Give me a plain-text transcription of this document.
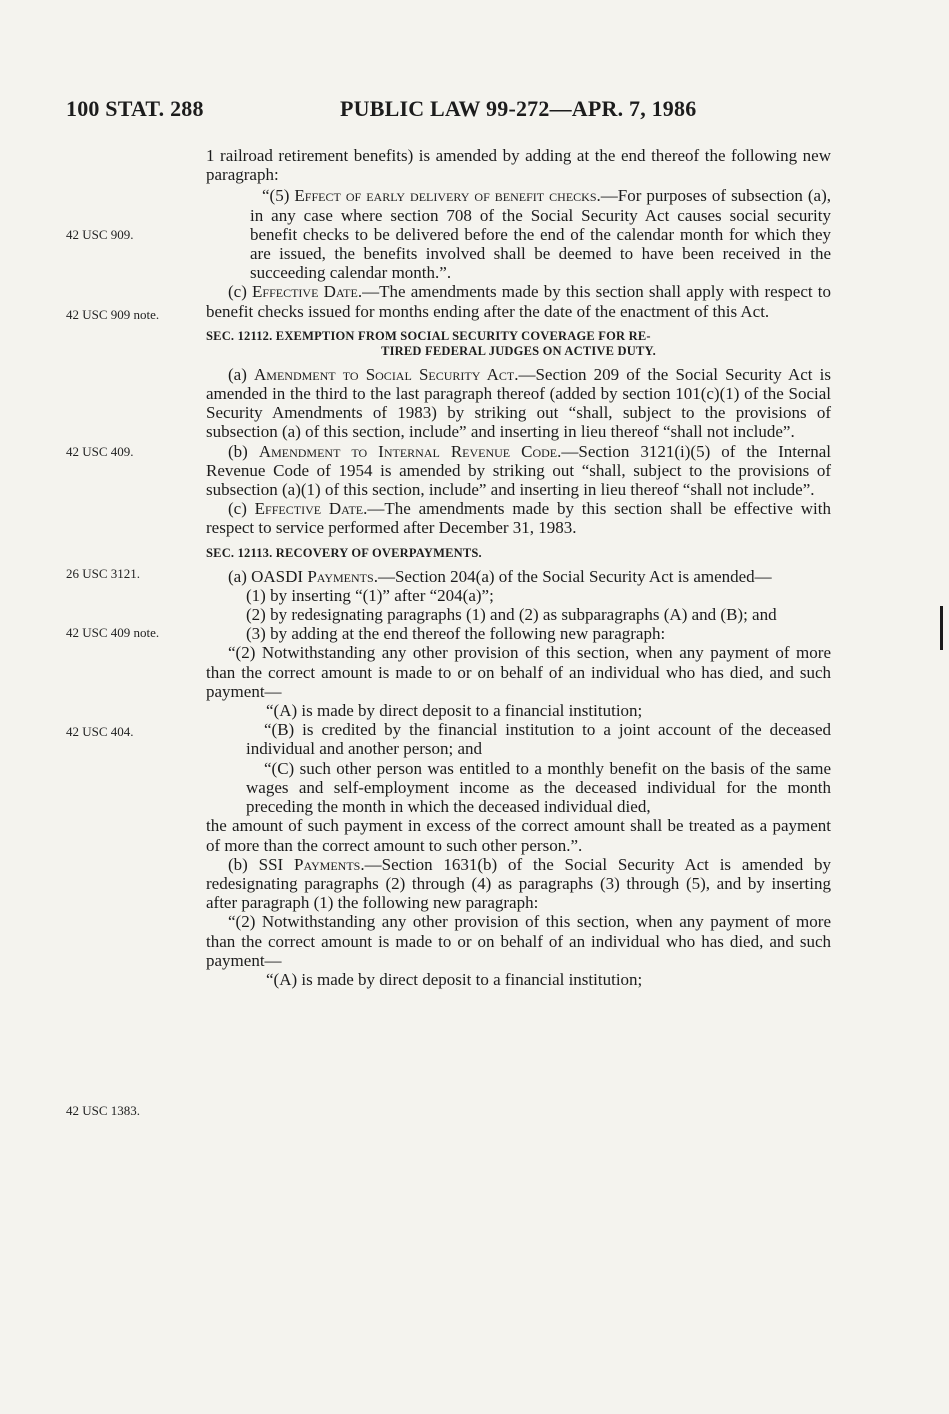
100 STAT. 288	PUBLIC LAW 99-272—APR. 7, 1986
42 USC 909.
42 USC 909 note.
42 USC 409.
26 USC 3121.
42 USC 409 note.
42 USC 404.
42 USC 1383.

1 railroad retirement benefits) is amended by adding at the end thereof the following new paragraph:

“(5) Effect of early delivery of benefit checks.—For purposes of subsection (a), in any case where section 708 of the Social Security Act causes social security benefit checks to be delivered before the end of the calendar month for which they are issued, the benefits involved shall be deemed to have been received in the succeeding calendar month.”.

(c) Effective Date.—The amendments made by this section shall apply with respect to benefit checks issued for months ending after the date of the enactment of this Act.

SEC. 12112. EXEMPTION FROM SOCIAL SECURITY COVERAGE FOR RE-
TIRED FEDERAL JUDGES ON ACTIVE DUTY.

(a) Amendment to Social Security Act.—Section 209 of the Social Security Act is amended in the third to the last paragraph thereof (added by section 101(c)(1) of the Social Security Amendments of 1983) by striking out “shall, subject to the provisions of subsection (a) of this section, include” and inserting in lieu thereof “shall not include”.

(b) Amendment to Internal Revenue Code.—Section 3121(i)(5) of the Internal Revenue Code of 1954 is amended by striking out “shall, subject to the provisions of subsection (a)(1) of this section, include” and inserting in lieu thereof “shall not include”.

(c) Effective Date.—The amendments made by this section shall be effective with respect to service performed after December 31, 1983.

SEC. 12113. RECOVERY OF OVERPAYMENTS.

(a) OASDI Payments.—Section 204(a) of the Social Security Act is amended—

(1) by inserting “(1)” after “204(a)”;

(2) by redesignating paragraphs (1) and (2) as subparagraphs (A) and (B); and

(3) by adding at the end thereof the following new paragraph:

“(2) Notwithstanding any other provision of this section, when any payment of more than the correct amount is made to or on behalf of an individual who has died, and such payment—

“(A) is made by direct deposit to a financial institution;

“(B) is credited by the financial institution to a joint account of the deceased individual and another person; and

“(C) such other person was entitled to a monthly benefit on the basis of the same wages and self-employment income as the deceased individual for the month preceding the month in which the deceased individual died,

the amount of such payment in excess of the correct amount shall be treated as a payment of more than the correct amount to such other person.”.

(b) SSI Payments.—Section 1631(b) of the Social Security Act is amended by redesignating paragraphs (2) through (4) as paragraphs (3) through (5), and by inserting after paragraph (1) the following new paragraph:

“(2) Notwithstanding any other provision of this section, when any payment of more than the correct amount is made to or on behalf of an individual who has died, and such payment—

“(A) is made by direct deposit to a financial institution;
